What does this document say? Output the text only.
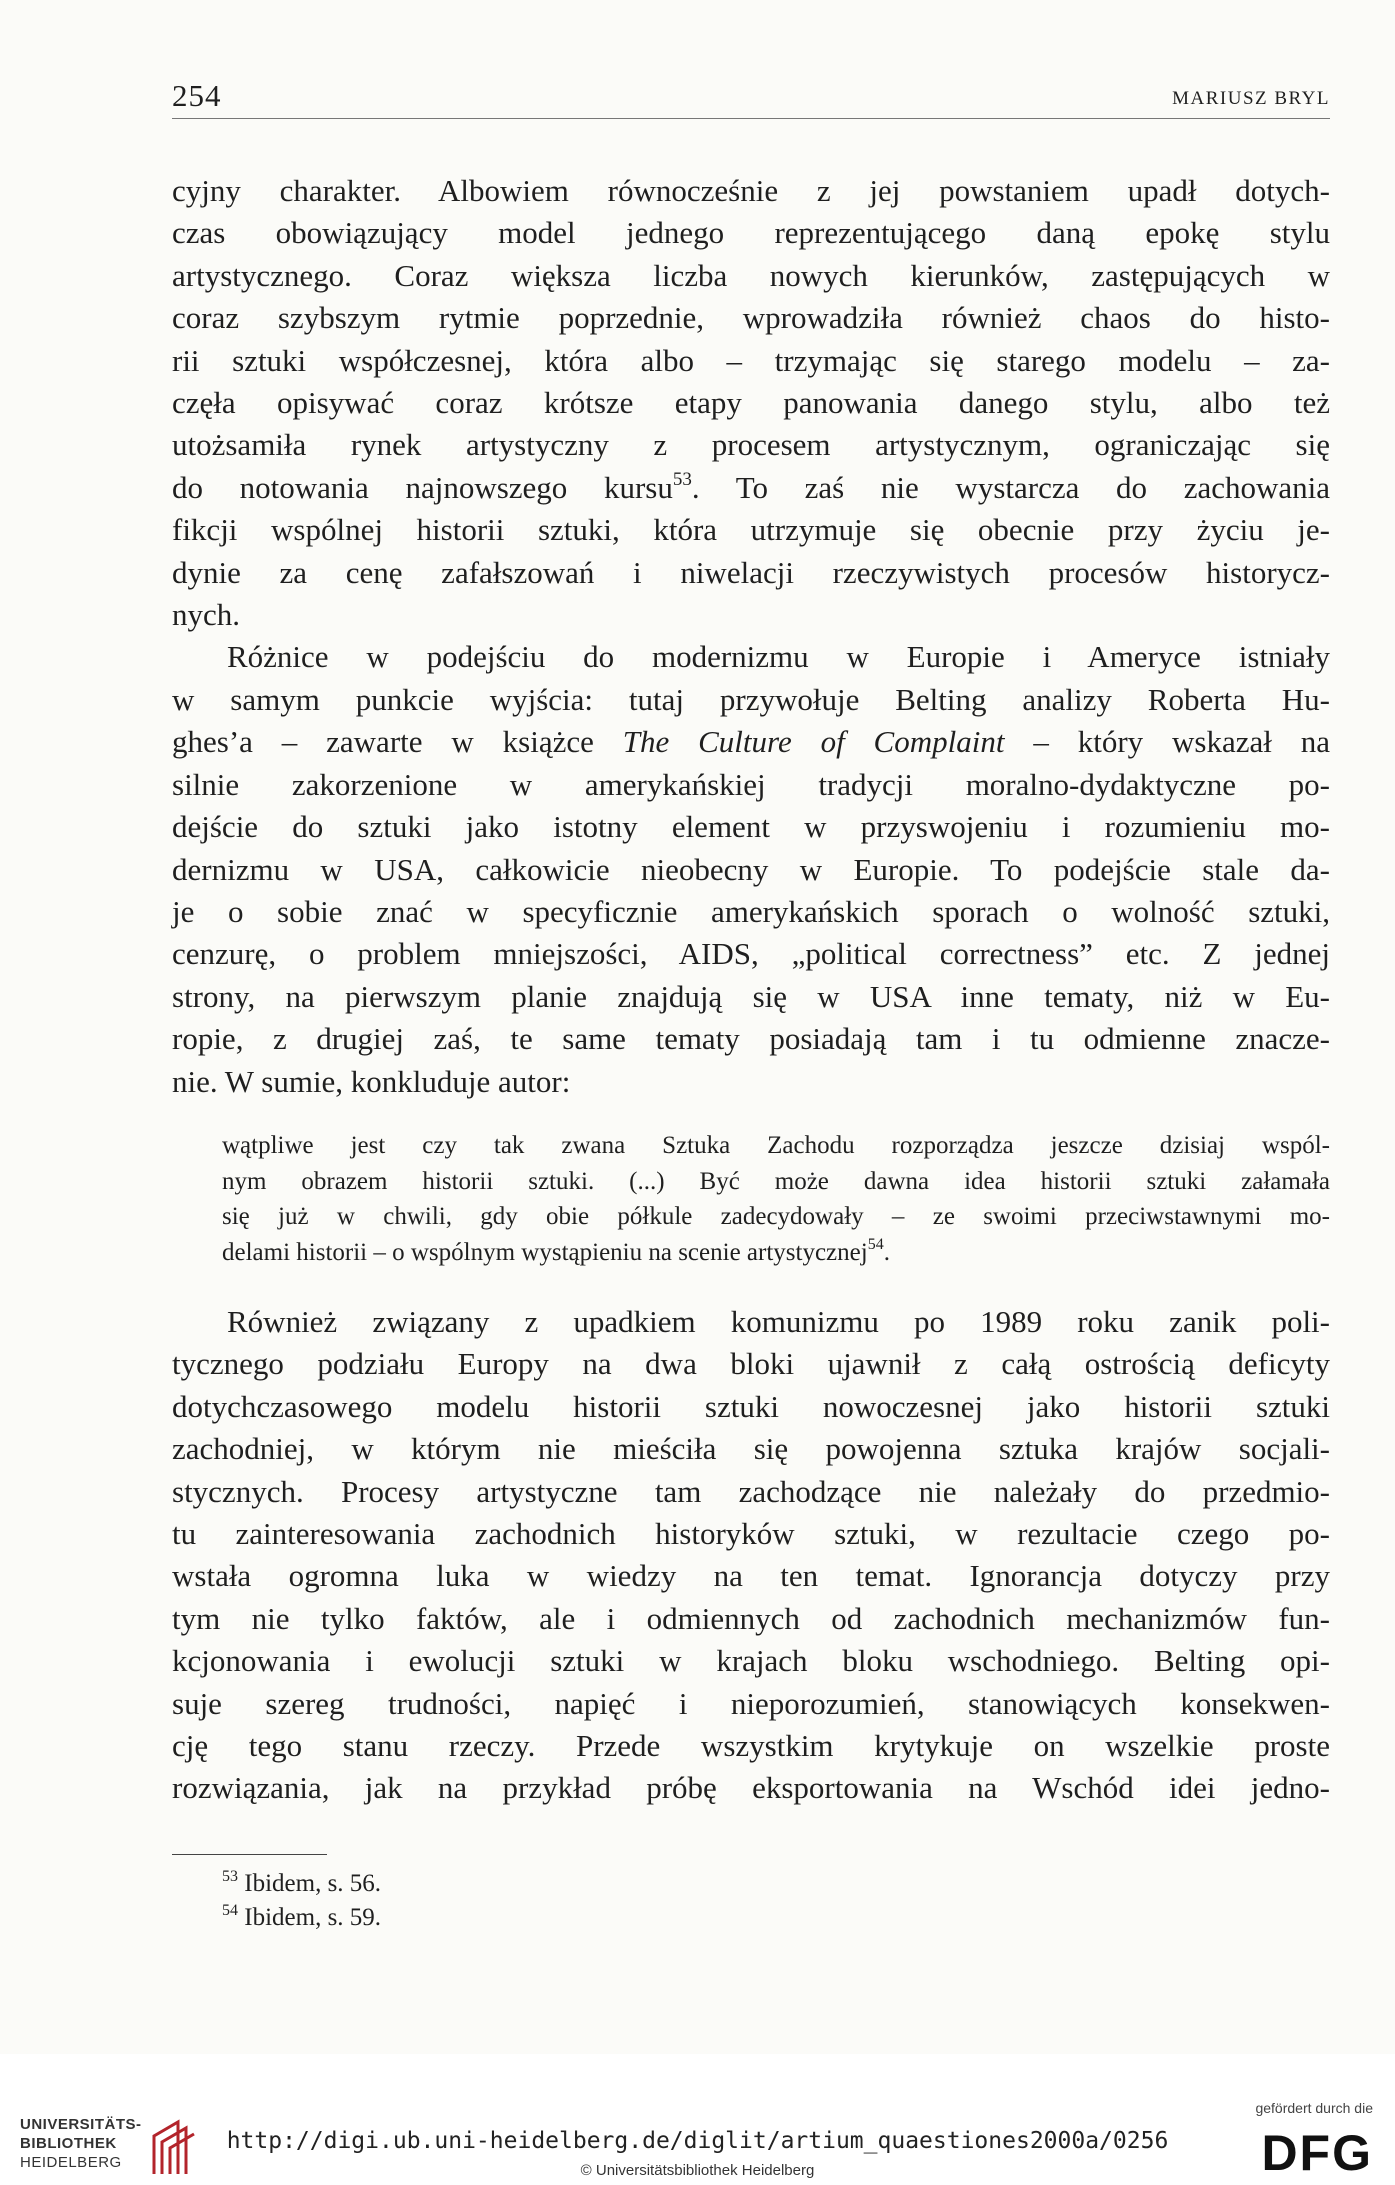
254	MARIUSZ BRYL
cyjny charakter. Albowiem równocześnie z jej powstaniem upadł dotych-
czas obowiązujący model jednego reprezentującego daną epokę stylu
artystycznego. Coraz większa liczba nowych kierunków, zastępujących w
coraz szybszym rytmie poprzednie, wprowadziła również chaos do histo-
rii sztuki współczesnej, która albo – trzymając się starego modelu – za-
częła opisywać coraz krótsze etapy panowania danego stylu, albo też
utożsamiła rynek artystyczny z procesem artystycznym, ograniczając się
do notowania najnowszego kursu$^{53}$. To zaś nie wystarcza do zachowania
fikcji wspólnej historii sztuki, która utrzymuje się obecnie przy życiu je-
dynie za cenę zafałszowań i niwelacji rzeczywistych procesów historycz-
nych.
Różnice w podejściu do modernizmu w Europie i Ameryce istniały
w samym punkcie wyjścia: tutaj przywołuje Belting analizy Roberta Hu-
ghes’a – zawarte w książce The Culture of Complaint – który wskazał na
silnie zakorzenione w amerykańskiej tradycji moralno-dydaktyczne po-
dejście do sztuki jako istotny element w przyswojeniu i rozumieniu mo-
dernizmu w USA, całkowicie nieobecny w Europie. To podejście stale da-
je o sobie znać w specyficznie amerykańskich sporach o wolność sztuki,
cenzurę, o problem mniejszości, AIDS, „political correctness” etc. Z jednej
strony, na pierwszym planie znajdują się w USA inne tematy, niż w Eu-
ropie, z drugiej zaś, te same tematy posiadają tam i tu odmienne znacze-
nie. W sumie, konkluduje autor:
wątpliwe jest czy tak zwana Sztuka Zachodu rozporządza jeszcze dzisiaj wspól-
nym obrazem historii sztuki. (...) Być może dawna idea historii sztuki załamała
się już w chwili, gdy obie półkule zadecydowały – ze swoimi przeciwstawnymi mo-
delami historii – o wspólnym wystąpieniu na scenie artystycznej$^{54}$.
Również związany z upadkiem komunizmu po 1989 roku zanik poli-
tycznego podziału Europy na dwa bloki ujawnił z całą ostrością deficyty
dotychczasowego modelu historii sztuki nowoczesnej jako historii sztuki
zachodniej, w którym nie mieściła się powojenna sztuka krajów socjali-
stycznych. Procesy artystyczne tam zachodzące nie należały do przedmio-
tu zainteresowania zachodnich historyków sztuki, w rezultacie czego po-
wstała ogromna luka w wiedzy na ten temat. Ignorancja dotyczy przy
tym nie tylko faktów, ale i odmiennych od zachodnich mechanizmów fun-
kcjonowania i ewolucji sztuki w krajach bloku wschodniego. Belting opi-
suje szereg trudności, napięć i nieporozumień, stanowiących konsekwen-
cję tego stanu rzeczy. Przede wszystkim krytykuje on wszelkie proste
rozwiązania, jak na przykład próbę eksportowania na Wschód idei jedno-
$^{53}$ Ibidem, s. 56.
$^{54}$ Ibidem, s. 59.
UNIVERSITÄTS-
BIBLIOTHEK
HEIDELBERG
http://digi.ub.uni-heidelberg.de/diglit/artium_quaestiones2000a/0256
© Universitätsbibliothek Heidelberg
gefördert durch die
DFG
